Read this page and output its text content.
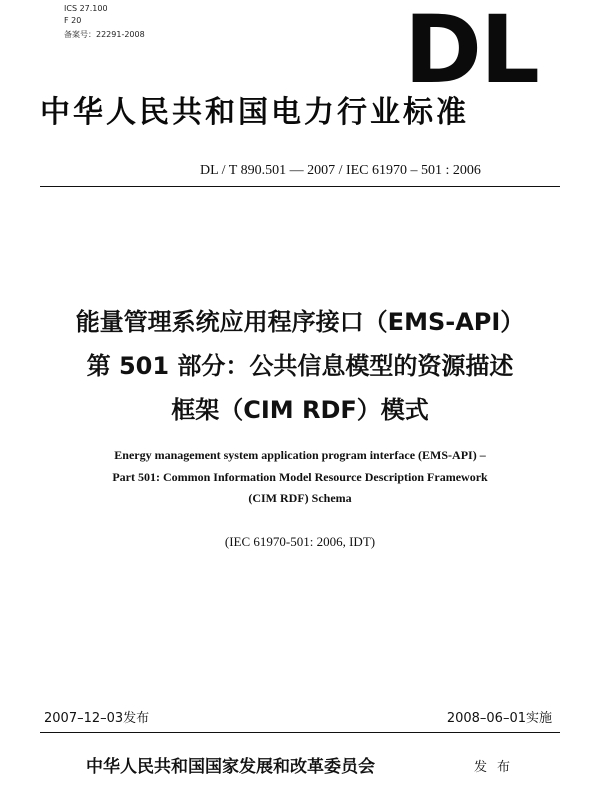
ICS 27.100
F 20
备案号：22291-2008	DL
中华人民共和国电力行业标准
DL / T 890.501 — 2007 / IEC 61970 – 501 : 2006
能量管理系统应用程序接口（EMS-API）
第 501 部分：公共信息模型的资源描述
框架（CIM RDF）模式
Energy management system application program interface (EMS-API) –
Part 501: Common Information Model Resource Description Framework
(CIM RDF) Schema
(IEC 61970-501: 2006, IDT)
2007–12–03发布	2008–06–01实施
中华人民共和国国家发展和改革委员会	发布
